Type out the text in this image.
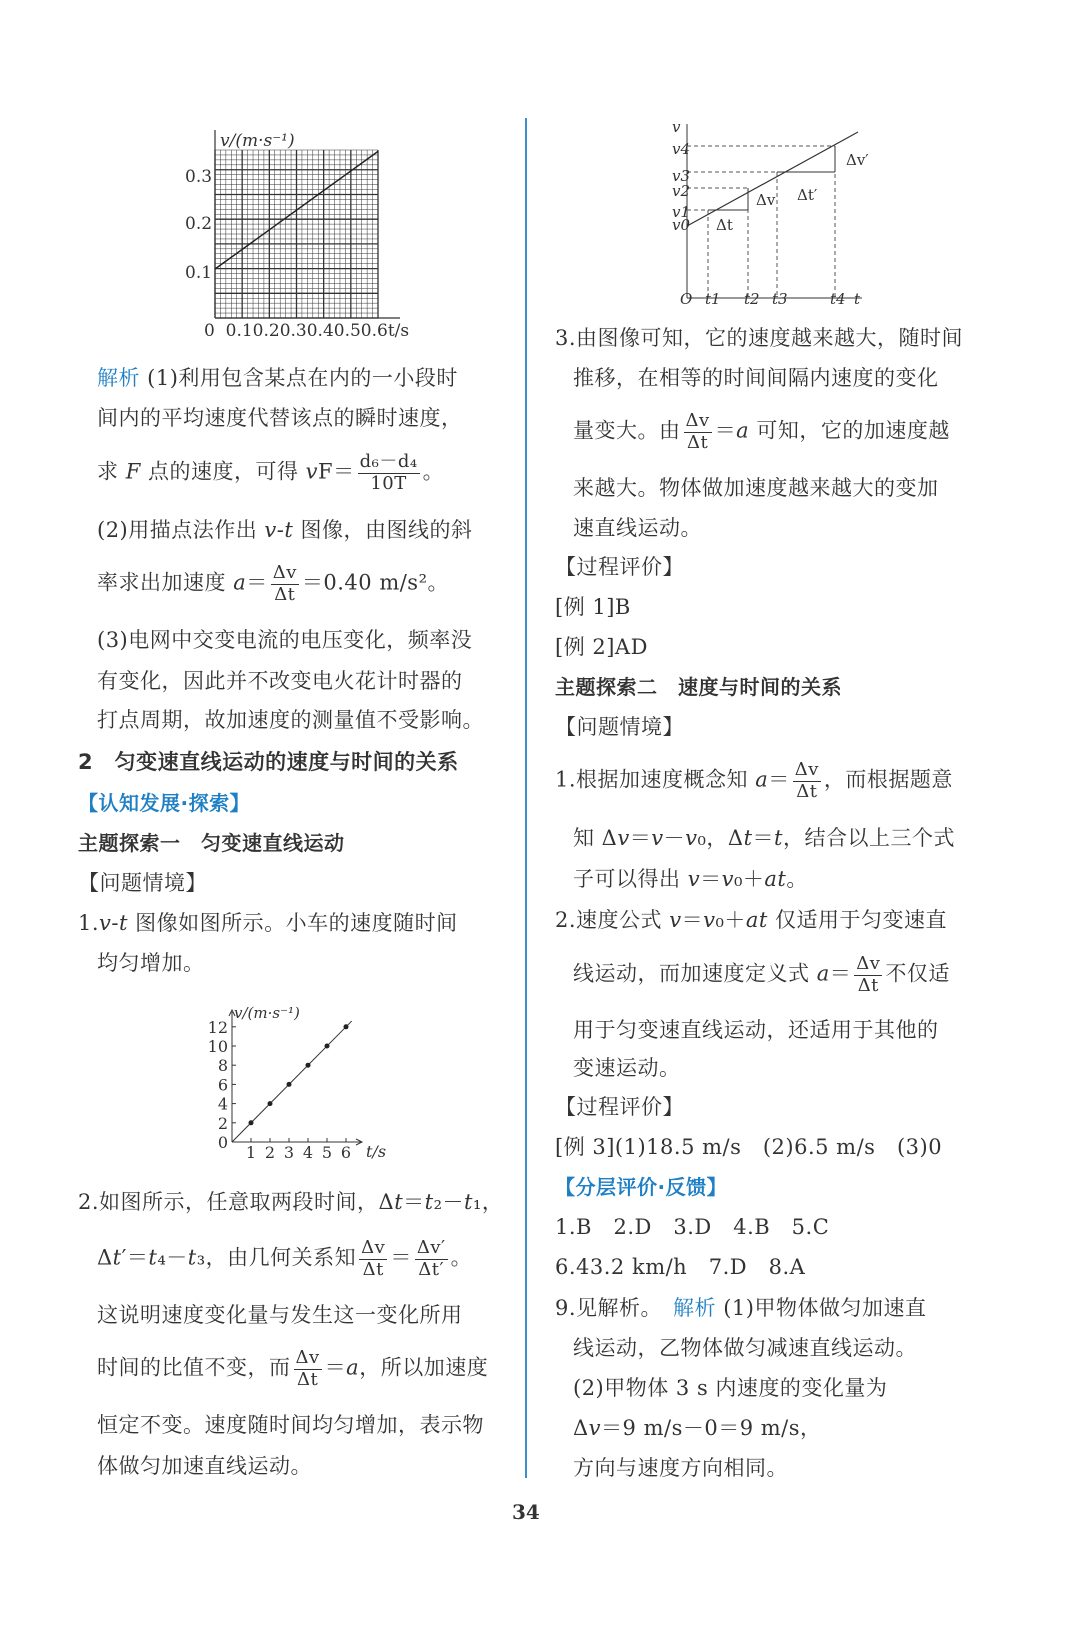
v/(m·s⁻¹)
0.3
0.2
0.1
0  0.10.20.30.40.50.6t/s
0
2
4
6
8
10
12
1 2 3 4 5 6
v/(m·s⁻¹)
t/s
v
v4
v3
v2
v1
v0
O t1 t2 t3	t4 t
Δv′
Δv Δt′
Δt
解析 (1)利用包含某点在内的一小段时
间内的平均速度代替该点的瞬时速度，
求 F 点的速度，可得 $vF= \frac{\text{d₆－d₄}}{10T}$ 。
(2)用描点法作出 v-t 图像，由图线的斜
率求出加速度 $a= \frac{\Delta v}{\Delta t} =0.40$ m/s²。
(3)电网中交变电流的电压变化，频率没
有变化，因此并不改变电火花计时器的
打点周期，故加速度的测量值不受影响。
2　匀变速直线运动的速度与时间的关系
【认知发展·探索】
主题探索一　匀变速直线运动
【问题情境】
1.v-t 图像如图所示。小车的速度随时间
均匀增加。
2.如图所示，任意取两段时间，Δt＝t₂－t₁，
Δt′＝t₄－t₃，由几何关系知 $\frac{\Delta v}{\Delta t} = \frac{\Delta v'}{\Delta t'}$ 。
这说明速度变化量与发生这一变化所用
时间的比值不变，而 $\frac{\Delta v}{\Delta t} =a$，所以加速度
恒定不变。速度随时间均匀增加，表示物
体做匀加速直线运动。
3.由图像可知，它的速度越来越大，随时间
推移，在相等的时间间隔内速度的变化
量变大。由 $\frac{\Delta v}{\Delta t} =a$ 可知，它的加速度越
来越大。物体做加速度越来越大的变加
速直线运动。
【过程评价】
[例 1]B
[例 2]AD
主题探索二　速度与时间的关系
【问题情境】
1.根据加速度概念知 $a= \frac{\Delta v}{\Delta t}$ ，而根据题意
知 Δv＝v－v₀，Δt＝t，结合以上三个式
子可以得出 v＝v₀＋at。
2.速度公式 v＝v₀＋at 仅适用于匀变速直
线运动，而加速度定义式 $a= \frac{\Delta v}{\Delta t}$ 不仅适
用于匀变速直线运动，还适用于其他的
变速运动。
【过程评价】
[例 3](1)18.5 m/s　(2)6.5 m/s　(3)0
【分层评价·反馈】
1.B　2.D　3.D　4.B　5.C
6.43.2 km/h　7.D　8.A
9.见解析。　解析 (1)甲物体做匀加速直
线运动，乙物体做匀减速直线运动。
(2)甲物体 3 s 内速度的变化量为
Δv＝9 m/s－0＝9 m/s，
方向与速度方向相同。
34
